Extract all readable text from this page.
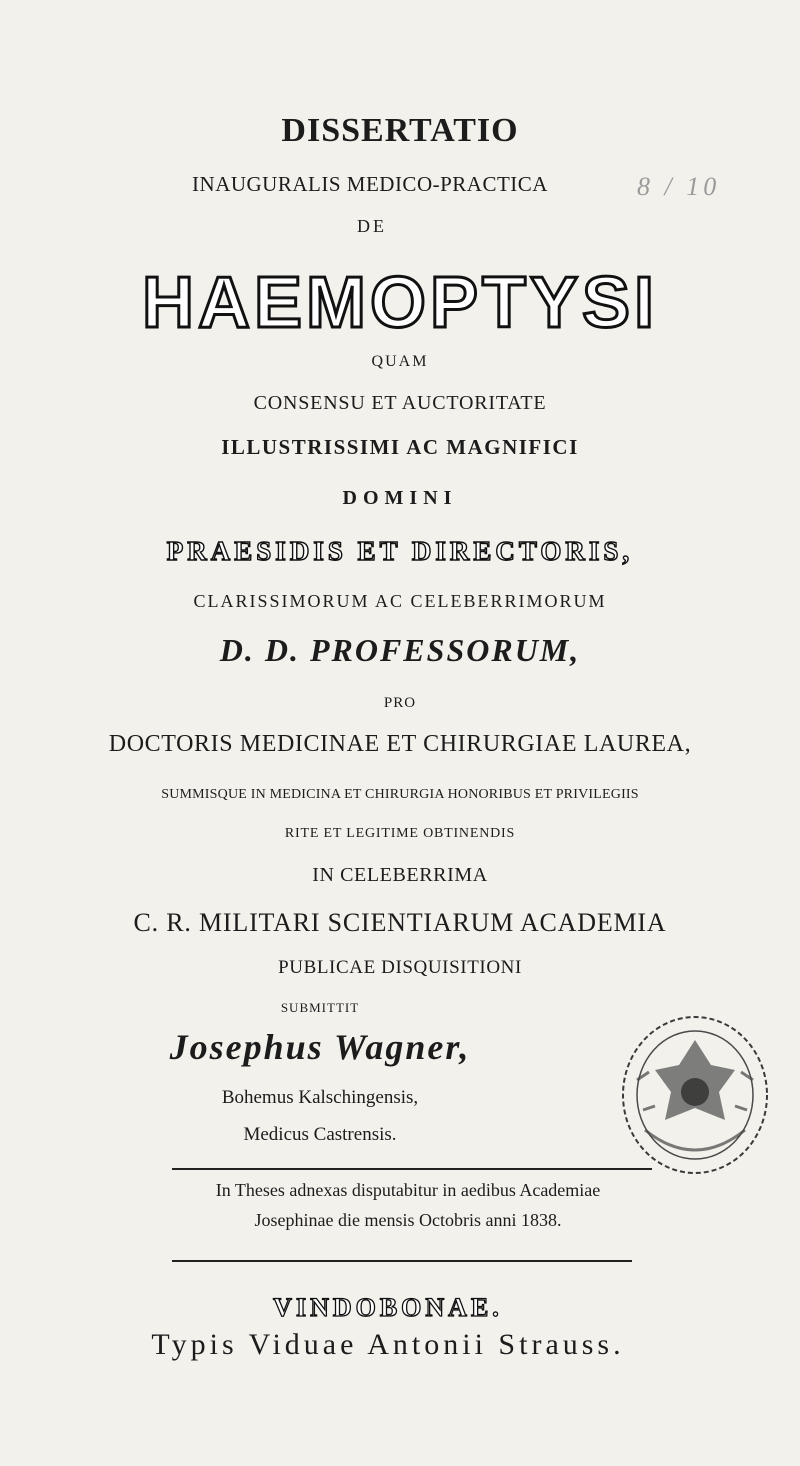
DISSERTATIO
INAUGURALIS MEDICO-PRACTICA	8 / 10
DE
HAEMOPTYSI
QUAM
CONSENSU ET AUCTORITATE
ILLUSTRISSIMI AC MAGNIFICI
DOMINI
PRAESIDIS ET DIRECTORIS,
CLARISSIMORUM AC CELEBERRIMORUM
D. D. PROFESSORUM,
PRO
DOCTORIS MEDICINAE ET CHIRURGIAE LAUREA,
SUMMISQUE IN MEDICINA ET CHIRURGIA HONORIBUS ET PRIVILEGIIS
RITE ET LEGITIME OBTINENDIS
IN CELEBERRIMA
C. R. MILITARI SCIENTIARUM ACADEMIA
PUBLICAE DISQUISITIONI
SUBMITTIT
Josephus Wagner,
Bohemus Kalschingensis,
Medicus Castrensis.
In Theses adnexas disputabitur in aedibus Academiae
Josephinae die mensis Octobris anni 1838.
VINDOBONAE.
Typis Viduae Antonii Strauss.
